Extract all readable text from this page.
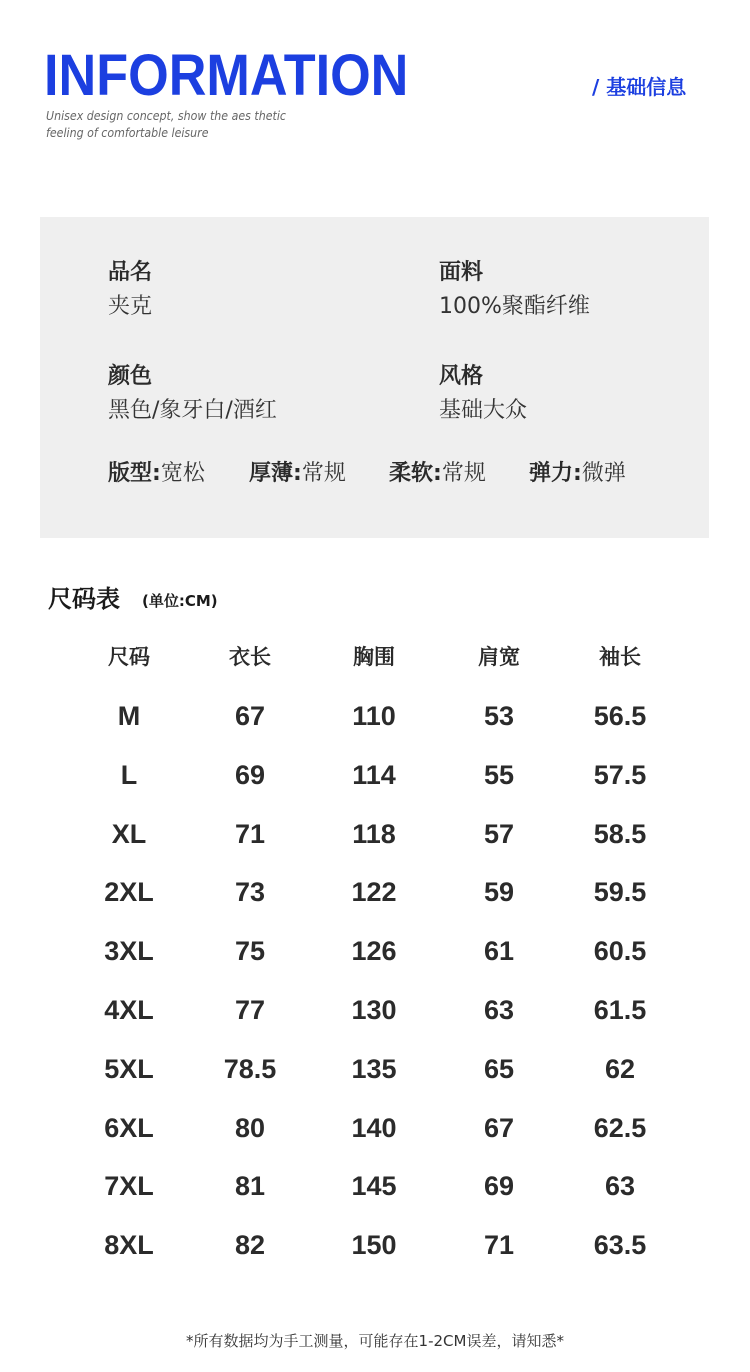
INFORMATION
Unisex design concept, show the aes thetic
feeling of comfortable leisure
/ 基础信息
品名
夹克
面料
100%聚酯纤维
颜色
黑色/象牙白/酒红
风格
基础大众
版型:宽松 厚薄:常规 柔软:常规 弹力:微弹
尺码表 (单位:CM)
尺码	衣长	胸围	肩宽	袖长
M	67	110	53	56.5
L	69	114	55	57.5
XL	71	118	57	58.5
2XL	73	122	59	59.5
3XL	75	126	61	60.5
4XL	77	130	63	61.5
5XL	78.5	135	65	62
6XL	80	140	67	62.5
7XL	81	145	69	63
8XL	82	150	71	63.5
*所有数据均为手工测量，可能存在1-2CM误差，请知悉*
